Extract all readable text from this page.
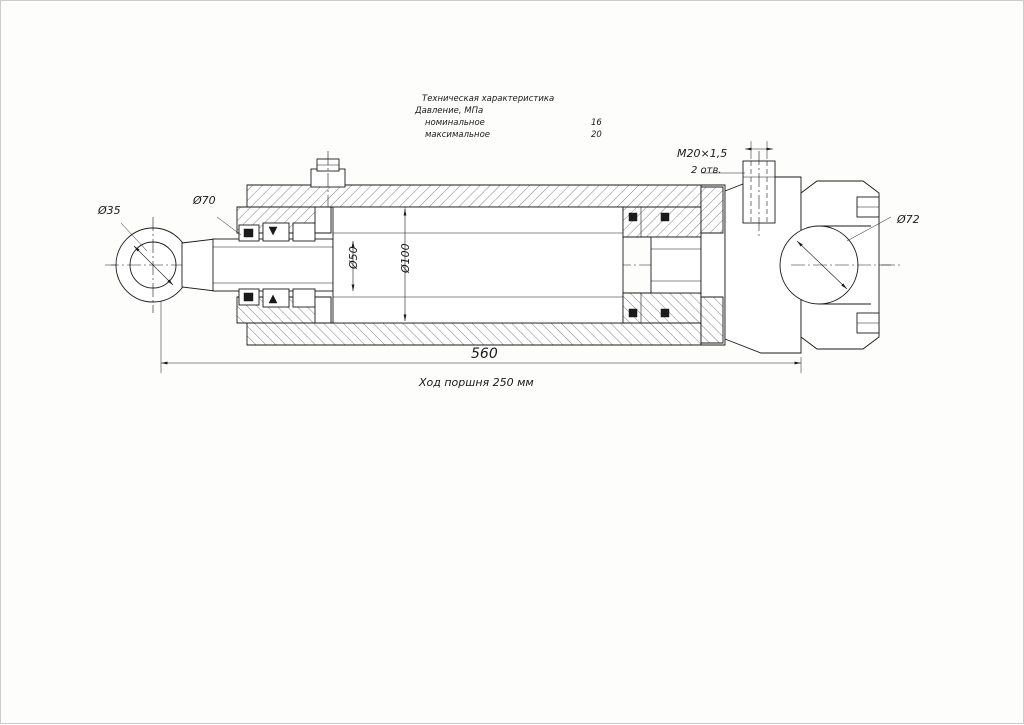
Техническая характеристика
Давление, МПа
номинальное	16
максимальное	20
Ø35
Ø70
Ø50	Ø100
M20×1,5
2 отв.
Ø72
560
Ход поршня 250 мм
